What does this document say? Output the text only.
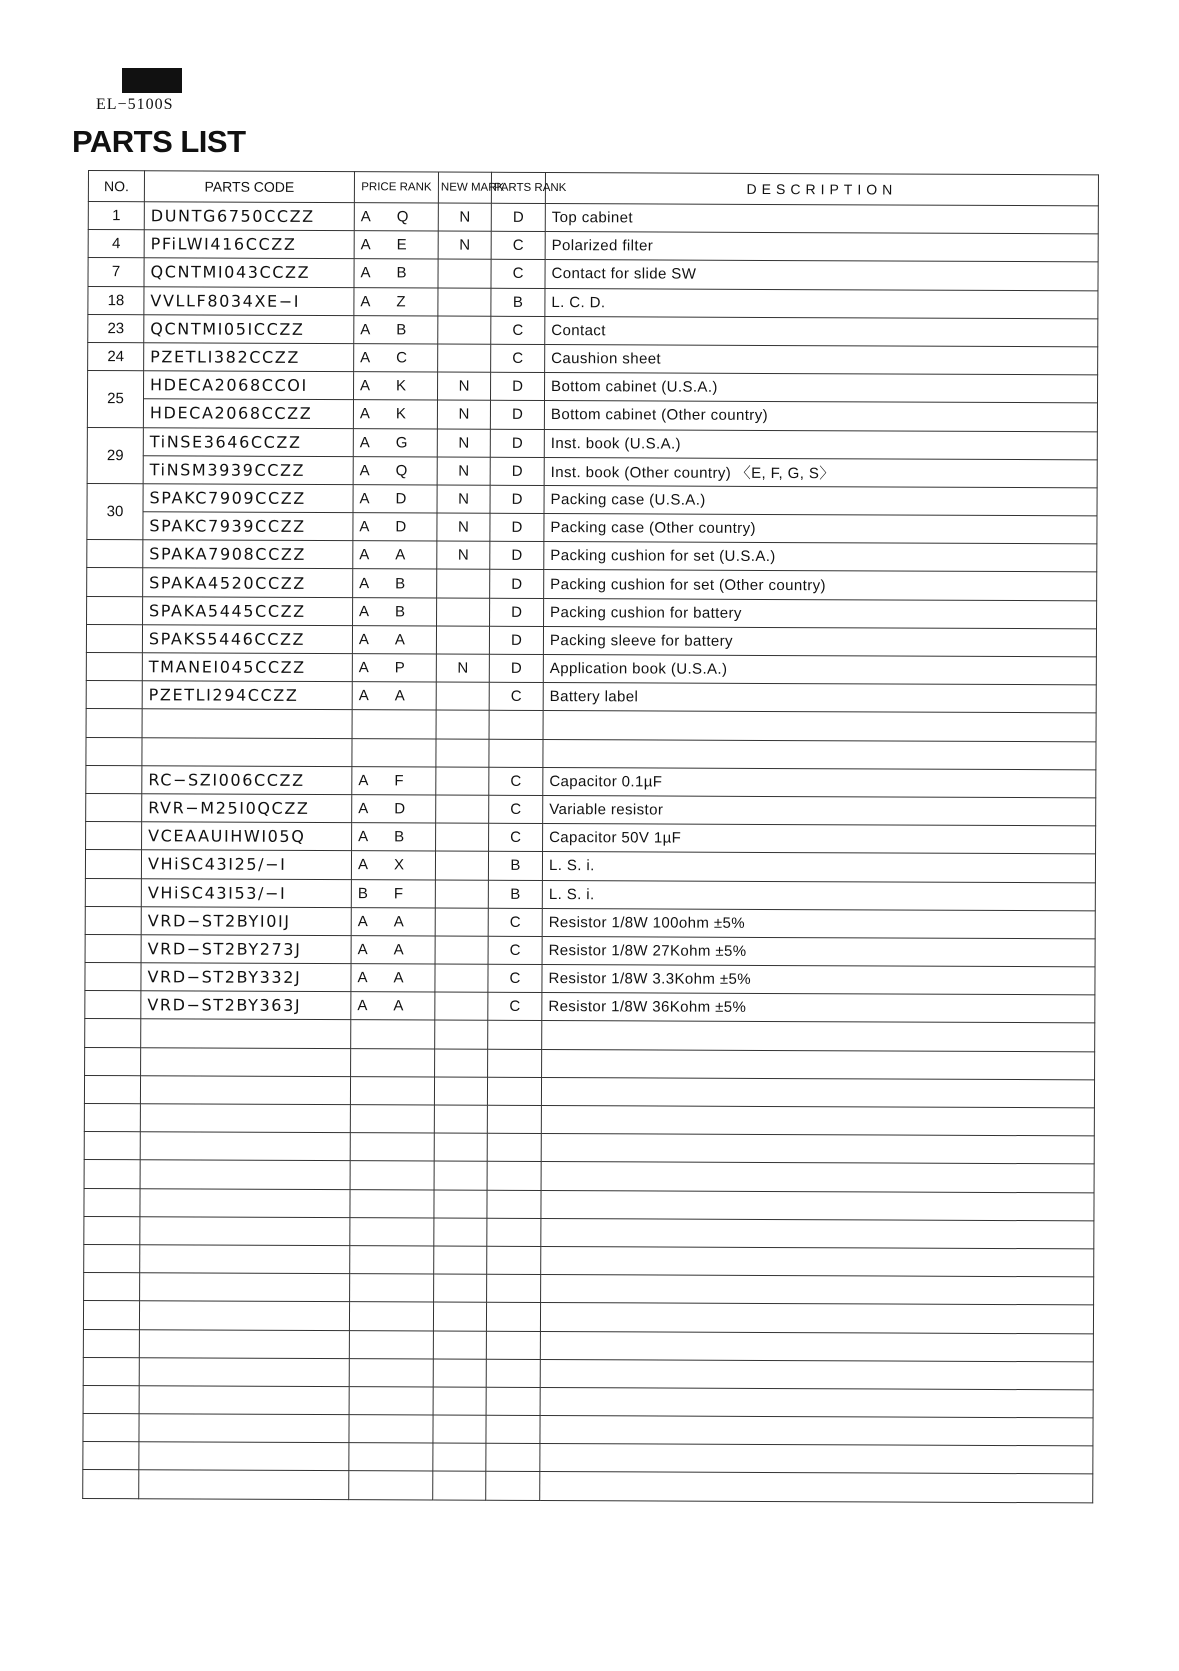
EL−5100S
PARTS LIST
NO.	PARTS CODE	PRICE RANK	NEW MARK	PARTS RANK	DESCRIPTION
1	DUNTG6750CCZZ	A Q	N	D	Top cabinet
4	PFiLWI416CCZZ	A E	N	C	Polarized filter
7	QCNTMI043CCZZ	A B		C	Contact for slide SW
18	VVLLF8034XE−I	A Z		B	L. C. D.
23	QCNTMI05ICCZZ	A B		C	Contact
24	PZETLI382CCZZ	A C		C	Caushion sheet
25	HDECA2068CCOI	A K	N	D	Bottom cabinet (U.S.A.)
	HDECA2068CCZZ	A K	N	D	Bottom cabinet (Other country)
29	TiNSE3646CCZZ	A G	N	D	Inst. book (U.S.A.)
	TiNSM3939CCZZ	A Q	N	D	Inst. book (Other country) 〈E, F, G, S〉
30	SPAKC7909CCZZ	A D	N	D	Packing case (U.S.A.)
	SPAKC7939CCZZ	A D	N	D	Packing case (Other country)
	SPAKA7908CCZZ	A A	N	D	Packing cushion for set (U.S.A.)
	SPAKA4520CCZZ	A B		D	Packing cushion for set (Other country)
	SPAKA5445CCZZ	A B		D	Packing cushion for battery
	SPAKS5446CCZZ	A A		D	Packing sleeve for battery
	TMANEI045CCZZ	A P	N	D	Application book (U.S.A.)
	PZETLI294CCZZ	A A		C	Battery label

	RC−SZI006CCZZ	A F		C	Capacitor 0.1µF
	RVR−M25I0QCZZ	A D		C	Variable resistor
	VCEAAUIHWI05Q	A B		C	Capacitor 50V 1µF
	VHiSC43I25/−I	A X		B	L. S. i.
	VHiSC43I53/−I	B F		B	L. S. i.
	VRD−ST2BYI0IJ	A A		C	Resistor 1/8W 100ohm ±5%
	VRD−ST2BY273J	A A		C	Resistor 1/8W 27Kohm ±5%
	VRD−ST2BY332J	A A		C	Resistor 1/8W 3.3Kohm ±5%
	VRD−ST2BY363J	A A		C	Resistor 1/8W 36Kohm ±5%
